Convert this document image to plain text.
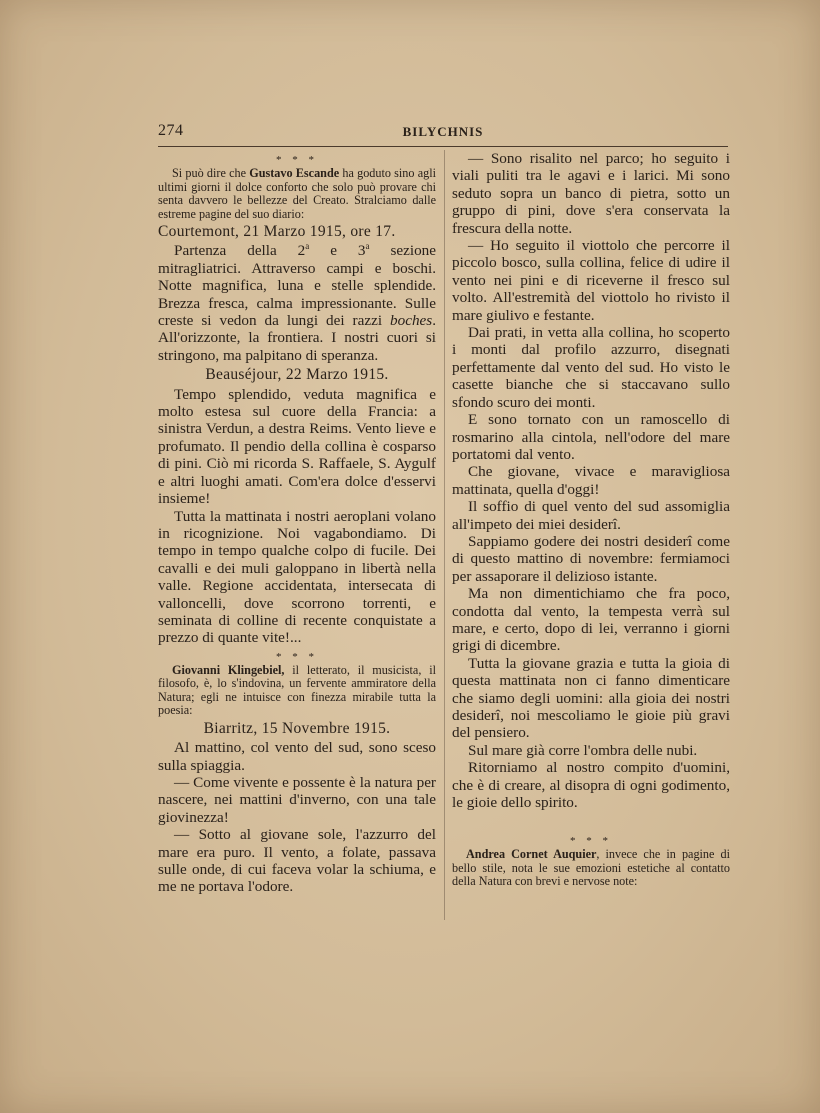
274	BILYCHNIS
* * *

Si può dire che Gustavo Escande ha goduto sino agli ultimi giorni il dolce conforto che solo può provare chi senta davvero le bellezze del Creato. Stralciamo dalle estreme pagine del suo diario:

Courtemont, 21 Marzo 1915, ore 17.

Partenza della 2$^a$ e 3$^a$ sezione mitragliatrici. Attraverso campi e boschi. Notte magnifica, luna e stelle splendide. Brezza fresca, calma impressionante. Sulle creste si vedon da lungi dei razzi boches. All'orizzonte, la frontiera. I nostri cuori si stringono, ma palpitano di speranza.

Beauséjour, 22 Marzo 1915.

Tempo splendido, veduta magnifica e molto estesa sul cuore della Francia: a sinistra Verdun, a destra Reims. Vento lieve e profumato. Il pendio della collina è cosparso di pini. Ciò mi ricorda S. Raffaele, S. Aygulf e altri luoghi amati. Com'era dolce d'esservi insieme!

Tutta la mattinata i nostri aeroplani volano in ricognizione. Noi vagabondiamo. Di tempo in tempo qualche colpo di fucile. Dei cavalli e dei muli galoppano in libertà nella valle. Regione accidentata, intersecata di valloncelli, dove scorrono torrenti, e seminata di colline di recente conquistate a prezzo di quante vite!...

* * *

Giovanni Klingebiel, il letterato, il musicista, il filosofo, è, lo s'indovina, un fervente ammiratore della Natura; egli ne intuisce con finezza mirabile tutta la poesia:

Biarritz, 15 Novembre 1915.

Al mattino, col vento del sud, sono sceso sulla spiaggia.

— Come vivente e possente è la natura per nascere, nei mattini d'inverno, con una tale giovinezza!

— Sotto al giovane sole, l'azzurro del mare era puro. Il vento, a folate, passava sulle onde, di cui faceva volar la schiuma, e me ne portava l'odore.

— Sono risalito nel parco; ho seguito i viali puliti tra le agavi e i larici. Mi sono seduto sopra un banco di pietra, sotto un gruppo di pini, dove s'era conservata la frescura della notte.

— Ho seguito il viottolo che percorre il piccolo bosco, sulla collina, felice di udire il vento nei pini e di riceverne il fresco sul volto. All'estremità del viottolo ho rivisto il mare giulivo e festante.

Dai prati, in vetta alla collina, ho scoperto i monti dal profilo azzurro, disegnati perfettamente dal vento del sud. Ho visto le casette bianche che si staccavano sullo sfondo scuro dei monti.

E sono tornato con un ramoscello di rosmarino alla cintola, nell'odore del mare portatomi dal vento.

Che giovane, vivace e maravigliosa mattinata, quella d'oggi!

Il soffio di quel vento del sud assomiglia all'impeto dei miei desiderî.

Sappiamo godere dei nostri desiderî come di questo mattino di novembre: fermiamoci per assaporare il delizioso istante.

Ma non dimentichiamo che fra poco, condotta dal vento, la tempesta verrà sul mare, e certo, dopo di lei, verranno i giorni grigi di dicembre.

Tutta la giovane grazia e tutta la gioia di questa mattinata non ci fanno dimenticare che siamo degli uomini: alla gioia dei nostri desiderî, noi mescoliamo le gioie più gravi del pensiero.

Sul mare già corre l'ombra delle nubi.

Ritorniamo al nostro compito d'uomini, che è di creare, al disopra di ogni godimento, le gioie dello spirito.

* * *

Andrea Cornet Auquier, invece che in pagine di bello stile, nota le sue emozioni estetiche al contatto della Natura con brevi e nervose note:
